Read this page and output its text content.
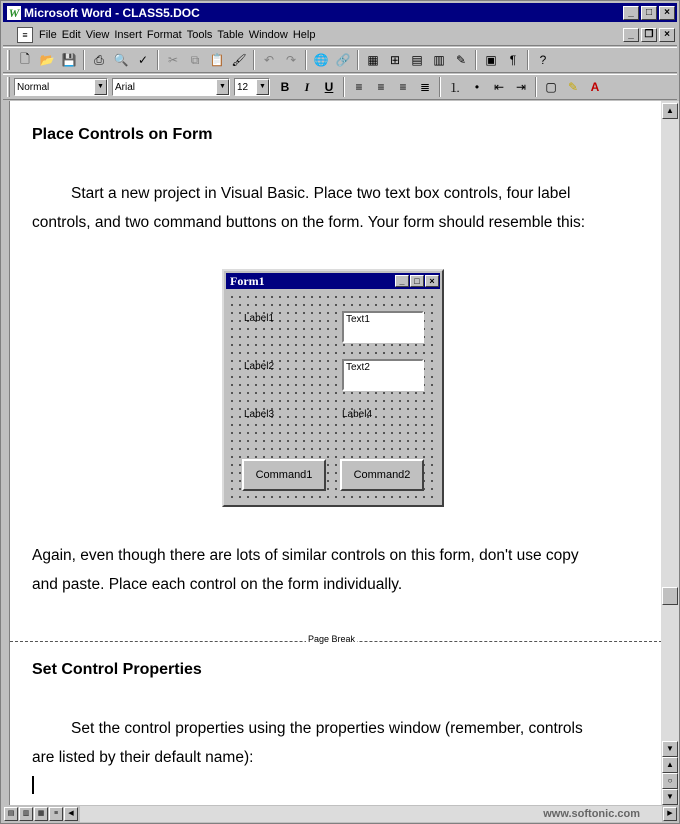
W Microsoft Word - CLASS5.DOC	_	□	×
≡	File Edit View Insert Format Tools Table Window Help	_	❐	×
🗋 📂 💾	⎙ 🔍 ✓	✂	⧉ 📋 🖌	↶ ↷	🌐 🔗	▦ ⊞ ▤ ▥ ✎	▣	¶	?
Normal	▼	Arial	▼	12	▼	B	I	U	≡	≡	≡	≣	⒈	•	⇤ ⇥	▢ ✎	A
Place Controls on Form
Start a new project in Visual Basic. Place two text box controls, four label
controls, and two command buttons on the form. Your form should resemble this:
Form1	_	□	×
Label1	Text1
Label2	Text2
Label3	Label4
Command1	Command2
Again, even though there are lots of similar controls on this form, don't use copy
and paste. Place each control on the form individually.
Page Break
Set Control Properties
Set the control properties using the properties window (remember, controls
are listed by their default name):
▲
▼
▲
○
▼
▤	▥	▦	≡	◀	www.softonic.com	▶
